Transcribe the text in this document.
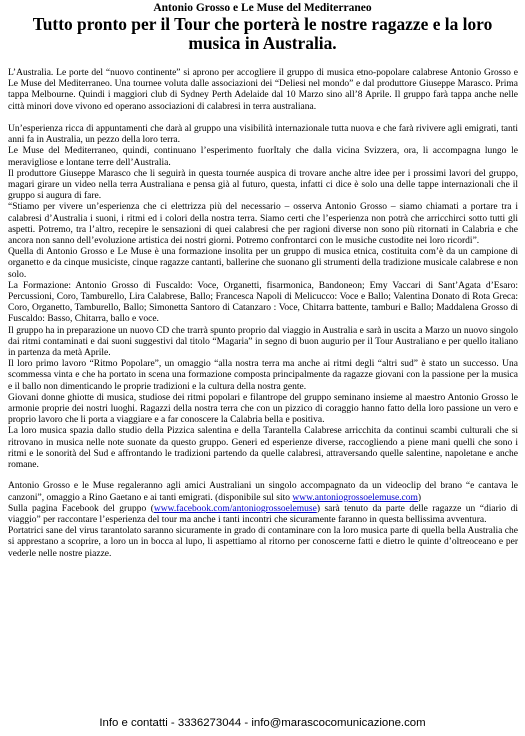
Antonio Grosso e Le Muse del Mediterraneo
Tutto pronto per il Tour che porterà le nostre ragazze e la loro musica in Australia.

L’Australia. Le porte del “nuovo continente” si aprono per accogliere il gruppo di musica etno-popolare calabrese Antonio Grosso e Le Muse del Mediterraneo. Una tournee voluta dalle associazioni dei “Deliesi nel mondo” e dal produttore Giuseppe Marasco. Prima tappa Melbourne. Quindi i maggiori club di Sydney Perth Adelaide dal 10 Marzo sino all’8 Aprile. Il gruppo farà tappa anche nelle città minori dove vivono ed operano associazioni di calabresi in terra australiana.

Un’esperienza ricca di appuntamenti che darà al gruppo una visibilità internazionale tutta nuova e che farà rivivere agli emigrati, tanti anni fa in Australia, un pezzo della loro terra.

Le Muse del Mediterraneo, quindi, continuano l’esperimento fuorItaly che dalla vicina Svizzera, ora, li accompagna lungo le meravigliose e lontane terre dell’Australia.

Il produttore Giuseppe Marasco che li seguirà in questa tournée auspica di trovare anche altre idee per i prossimi lavori del gruppo, magari girare un video nella terra Australiana e pensa già al futuro, questa, infatti ci dice è solo una delle tappe internazionali che il gruppo si augura di fare.

“Stiamo per vivere un’esperienza che ci elettrizza più del necessario – osserva Antonio Grosso – siamo chiamati a portare tra i calabresi d’Australia i suoni, i ritmi ed i colori della nostra terra. Siamo certi che l’esperienza non potrà che arricchirci sotto tutti gli aspetti. Potremo, tra l’altro, recepire le sensazioni di quei calabresi che per ragioni diverse non sono più ritornati in Calabria e che ancora non sanno dell’evoluzione artistica dei nostri giorni. Potremo confrontarci con le musiche custodite nei loro ricordi”.

Quella di Antonio Grosso e Le Muse è una formazione insolita per un gruppo di musica etnica, costituita com’è da un campione di organetto e da cinque musiciste, cinque ragazze cantanti, ballerine che suonano gli strumenti della tradizione musicale calabrese e non solo.

La Formazione: Antonio Grosso di Fuscaldo: Voce, Organetti, fisarmonica, Bandoneon; Emy Vaccari di Sant’Agata d’Esaro: Percussioni, Coro, Tamburello, Lira Calabrese, Ballo; Francesca Napoli di Melicucco: Voce e Ballo; Valentina Donato di Rota Greca: Coro, Organetto, Tamburello, Ballo; Simonetta Santoro di Catanzaro : Voce, Chitarra battente, tamburi e Ballo; Maddalena Grosso di Fuscaldo: Basso, Chitarra, ballo e voce.

Il gruppo ha in preparazione un nuovo CD che trarrà spunto proprio dal viaggio in Australia e sarà in uscita a Marzo un nuovo singolo dai ritmi contaminati e dai suoni suggestivi dal titolo “Magaria” in segno di buon augurio per il Tour Australiano e per quello italiano in partenza da metà Aprile.

Il loro primo lavoro “Ritmo Popolare”, un omaggio “alla nostra terra ma anche ai ritmi degli “altri sud” è stato un successo. Una scommessa vinta e che ha portato in scena una formazione composta principalmente da ragazze giovani con la passione per la musica e il ballo non dimenticando le proprie tradizioni e la cultura della nostra gente.

Giovani donne ghiotte di musica, studiose dei ritmi popolari e filantrope del gruppo seminano insieme al maestro Antonio Grosso le armonie proprie dei nostri luoghi. Ragazzi della nostra terra che con un pizzico di coraggio hanno fatto della loro passione un vero e proprio lavoro che li porta a viaggiare e a far conoscere la Calabria bella e positiva.

La loro musica spazia dallo studio della Pizzica salentina e della Tarantella Calabrese arricchita da continui scambi culturali che si ritrovano in musica nelle note suonate da questo gruppo. Generi ed esperienze diverse, raccogliendo a piene mani quelli che sono i ritmi e le sonorità del Sud e affrontando le tradizioni partendo da quelle calabresi, attraversando quelle salentine, napoletane e anche romane.

Antonio Grosso e le Muse regaleranno agli amici Australiani un singolo accompagnato da un videoclip del brano “e cantava le canzoni”, omaggio a Rino Gaetano e ai tanti emigrati. (disponibile sul sito www.antoniogrossoelemuse.com)

Sulla pagina Facebook del gruppo (www.facebook.com/antoniogrossoelemuse) sarà tenuto da parte delle ragazze un “diario di viaggio” per raccontare l’esperienza del tour ma anche i tanti incontri che sicuramente faranno in questa bellissima avventura.

Portatrici sane del virus tarantolato saranno sicuramente in grado di contaminare con la loro musica parte di quella bella Australia che si apprestano a scoprire, a loro un in bocca al lupo, li aspettiamo al ritorno per conoscerne fatti e dietro le quinte d’oltreoceano e per vederle nelle nostre piazze.

Info e contatti - 3336273044 - info@marascocomunicazione.com
